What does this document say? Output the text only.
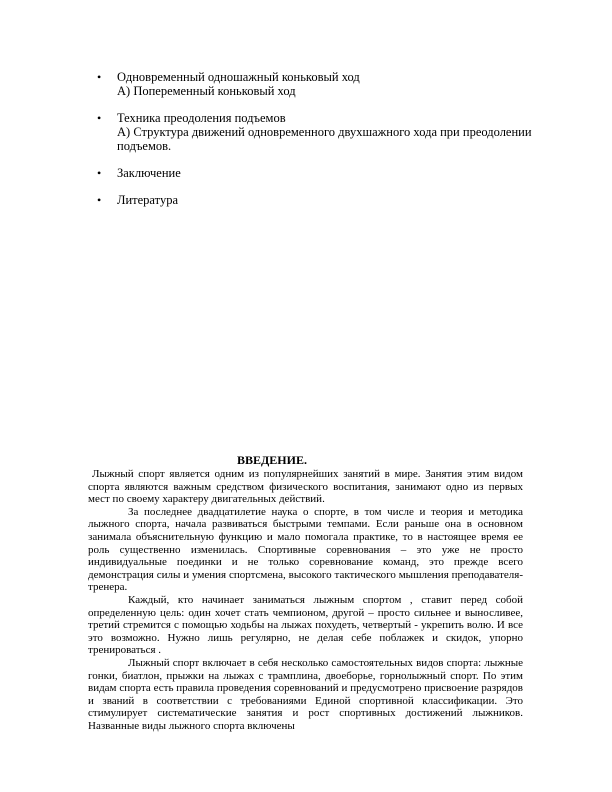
• Одновременный одношажный коньковый ход
А) Попеременный коньковый ход
• Техника преодоления подъемов
А) Структура движений одновременного двухшажного хода при преодолении подъемов.
• Заключение
• Литература
ВВЕДЕНИЕ.

Лыжный спорт является одним из популярнейших занятий в мире. Занятия этим видом спорта являются важным средством физического воспитания, занимают одно из первых мест по своему характеру двигательных действий.

За последнее двадцатилетие наука о спорте, в том числе и теория и методика лыжного спорта, начала развиваться быстрыми темпами. Если раньше она в основном занимала объяснительную функцию и мало помогала практике, то в настоящее время ее роль существенно изменилась. Спортивные соревнования – это уже не просто индивидуальные поединки и не только соревнование команд, это прежде всего демонстрация силы и умения спортсмена, высокого тактического мышления преподавателя-тренера.

Каждый, кто начинает заниматься лыжным спортом , ставит перед собой определенную цель: один хочет стать чемпионом, другой – просто сильнее и выносливее, третий стремится с помощью ходьбы на лыжах похудеть, четвертый - укрепить волю. И все это возможно. Нужно лишь регулярно, не делая себе поблажек и скидок, упорно тренироваться .

Лыжный спорт включает в себя несколько самостоятельных видов спорта: лыжные гонки, биатлон, прыжки на лыжах с трамплина, двоеборье, горнолыжный спорт. По этим видам спорта есть правила проведения соревнований и предусмотрено присвоение разрядов и званий в соответствии с требованиями Единой спортивной классификации. Это стимулирует систематические занятия и рост спортивных достижений лыжников. Названные виды лыжного спорта включены
